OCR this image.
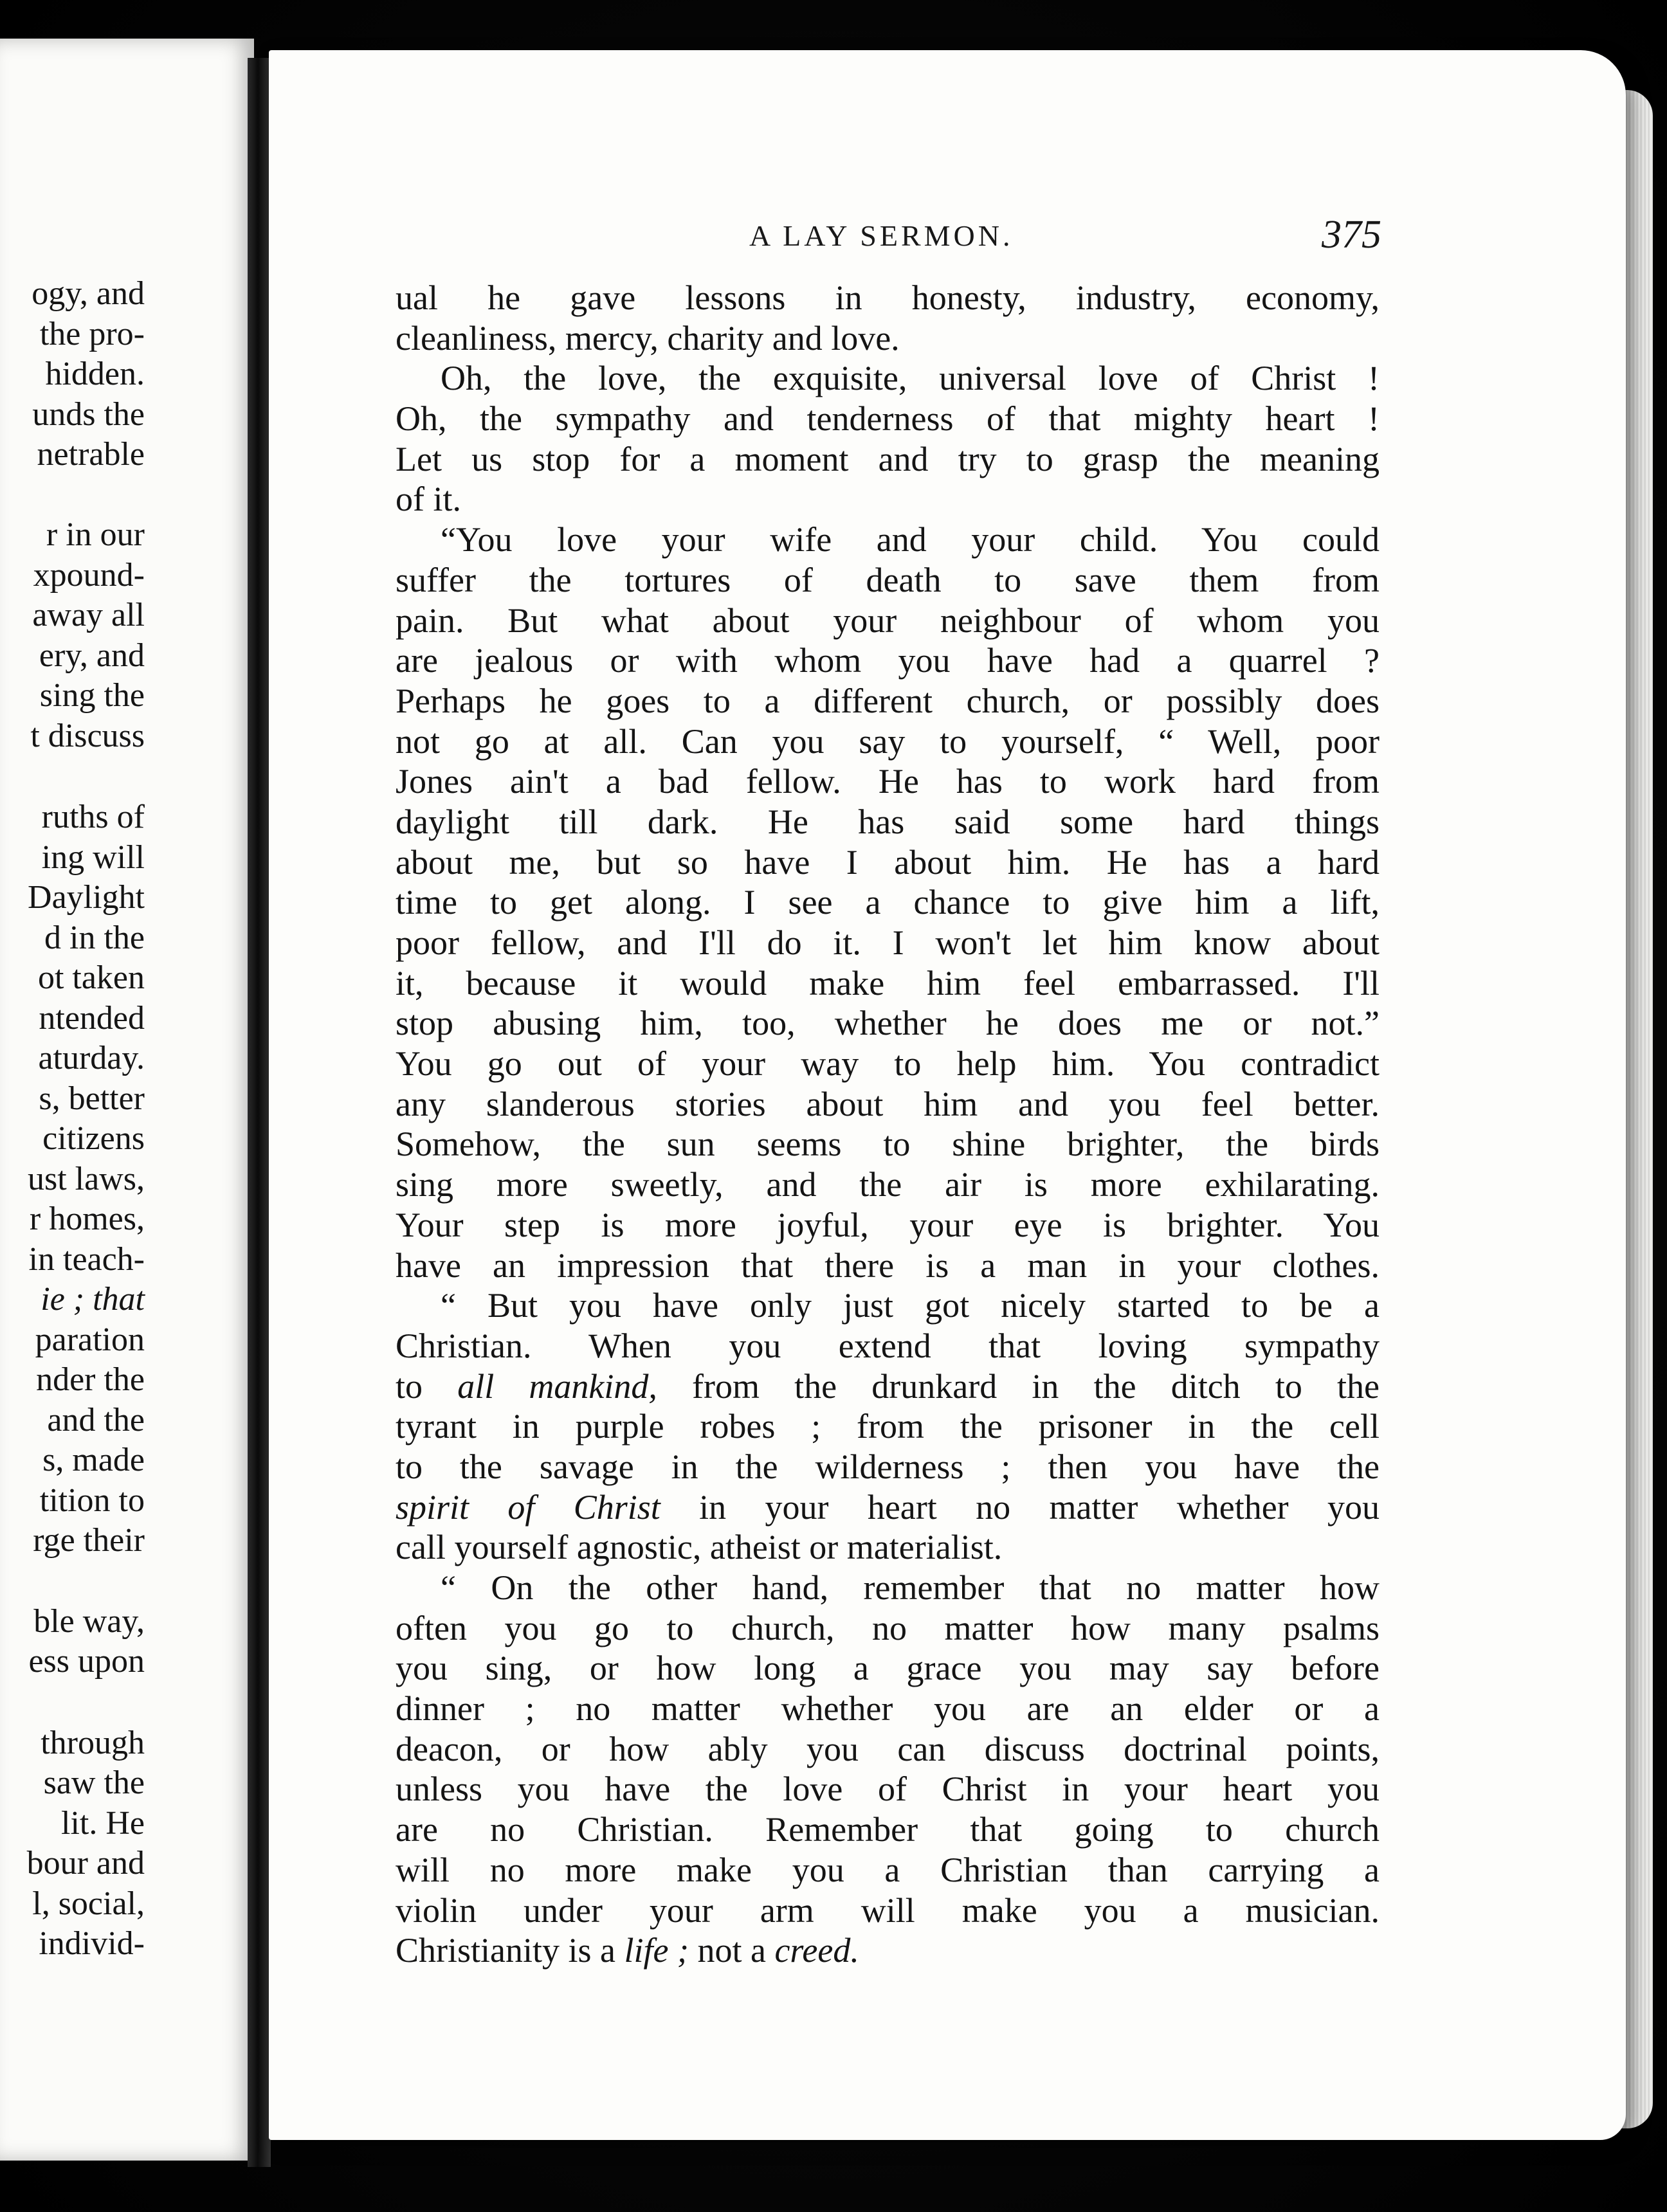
ogy, and
the pro-
hidden.
unds the
netrable
r in our
xpound-
away all
ery, and
sing the
t discuss
ruths of
ing will
Daylight
d in the
ot taken
ntended
aturday.
s, better
citizens
ust laws,
r homes,
in teach-
ie ; that
paration
nder the
and the
s, made
tition to
rge their
ble way,
ess upon
through
saw the
lit. He
bour and
l, social,
individ-
A LAY SERMON.	375
ual he gave lessons in honesty, industry, economy,
cleanliness, mercy, charity and love.
Oh, the love, the exquisite, universal love of Christ !
Oh, the sympathy and tenderness of that mighty heart !
Let us stop for a moment and try to grasp the meaning
of it.
“You love your wife and your child. You could
suffer the tortures of death to save them from
pain. But what about your neighbour of whom you
are jealous or with whom you have had a quarrel ?
Perhaps he goes to a different church, or possibly does
not go at all. Can you say to yourself, “ Well, poor
Jones ain't a bad fellow. He has to work hard from
daylight till dark. He has said some hard things
about me, but so have I about him. He has a hard
time to get along. I see a chance to give him a lift,
poor fellow, and I'll do it. I won't let him know about
it, because it would make him feel embarrassed. I'll
stop abusing him, too, whether he does me or not.”
You go out of your way to help him. You contradict
any slanderous stories about him and you feel better.
Somehow, the sun seems to shine brighter, the birds
sing more sweetly, and the air is more exhilarating.
Your step is more joyful, your eye is brighter. You
have an impression that there is a man in your clothes.
“ But you have only just got nicely started to be a
Christian. When you extend that loving sympathy
to all mankind, from the drunkard in the ditch to the
tyrant in purple robes ; from the prisoner in the cell
to the savage in the wilderness ; then you have the
spirit of Christ in your heart no matter whether you
call yourself agnostic, atheist or materialist.
“ On the other hand, remember that no matter how
often you go to church, no matter how many psalms
you sing, or how long a grace you may say before
dinner ; no matter whether you are an elder or a
deacon, or how ably you can discuss doctrinal points,
unless you have the love of Christ in your heart you
are no Christian. Remember that going to church
will no more make you a Christian than carrying a
violin under your arm will make you a musician.
Christianity is a life ; not a creed.
